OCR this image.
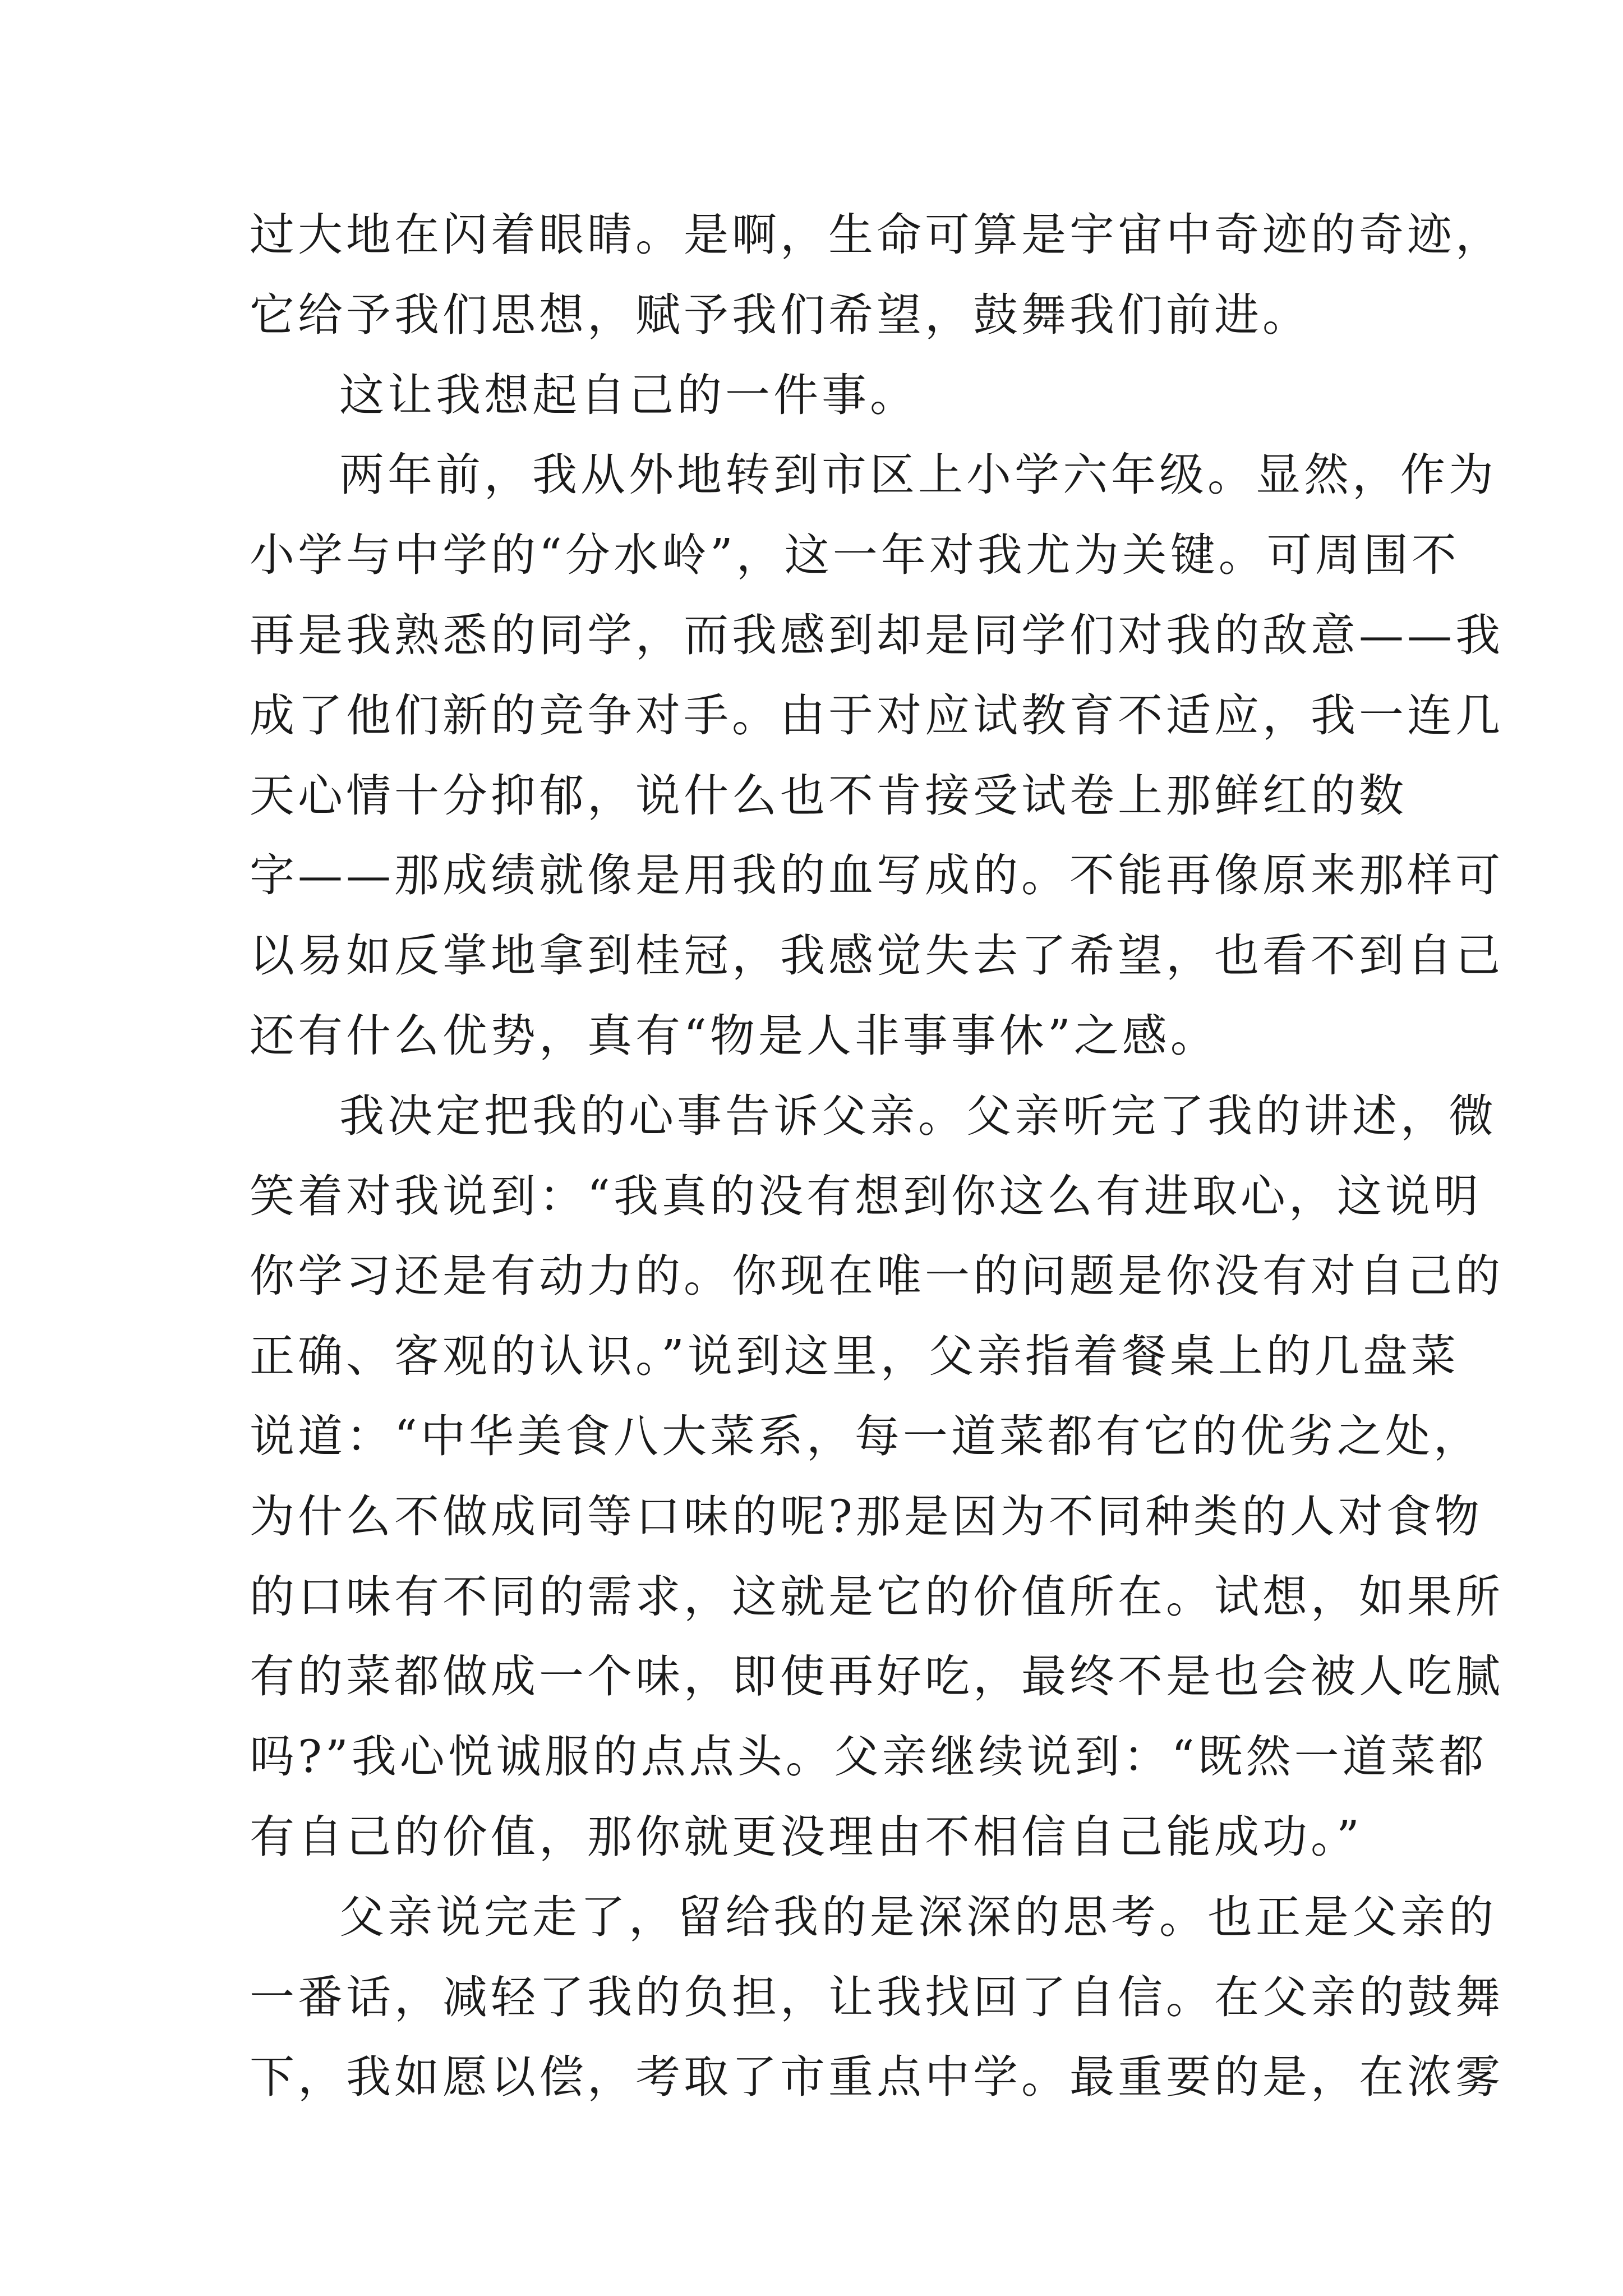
过大地在闪着眼睛。是啊，生命可算是宇宙中奇迹的奇迹，
它给予我们思想，赋予我们希望，鼓舞我们前进。

这让我想起自己的一件事。

两年前，我从外地转到市区上小学六年级。显然，作为
小学与中学的“分水岭”，这一年对我尤为关键。可周围不
再是我熟悉的同学，而我感到却是同学们对我的敌意——我
成了他们新的竞争对手。由于对应试教育不适应，我一连几
天心情十分抑郁，说什么也不肯接受试卷上那鲜红的数
字——那成绩就像是用我的血写成的。不能再像原来那样可
以易如反掌地拿到桂冠，我感觉失去了希望，也看不到自己
还有什么优势，真有“物是人非事事休”之感。

我决定把我的心事告诉父亲。父亲听完了我的讲述，微
笑着对我说到：“我真的没有想到你这么有进取心，这说明
你学习还是有动力的。你现在唯一的问题是你没有对自己的
正确、客观的认识。”说到这里，父亲指着餐桌上的几盘菜
说道：“中华美食八大菜系，每一道菜都有它的优劣之处，
为什么不做成同等口味的呢?那是因为不同种类的人对食物
的口味有不同的需求，这就是它的价值所在。试想，如果所
有的菜都做成一个味，即使再好吃，最终不是也会被人吃腻
吗?”我心悦诚服的点点头。父亲继续说到：“既然一道菜都
有自己的价值，那你就更没理由不相信自己能成功。”

父亲说完走了，留给我的是深深的思考。也正是父亲的
一番话，减轻了我的负担，让我找回了自信。在父亲的鼓舞
下，我如愿以偿，考取了市重点中学。最重要的是，在浓雾
